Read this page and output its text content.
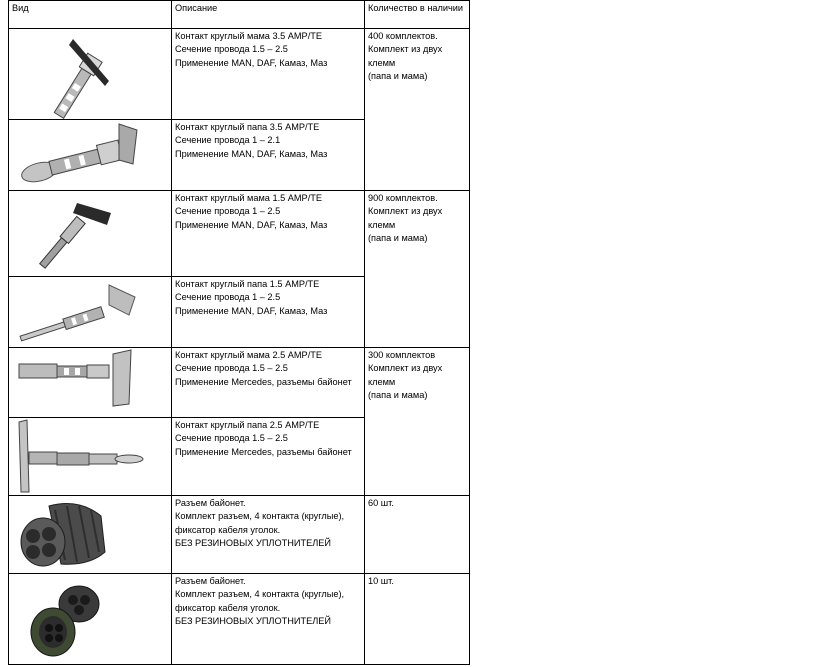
Вид	Описание	Количество в наличии

Контакт круглый мама 3.5 AMP/TE
Сечение провода 1.5 – 2.5
Применение MAN, DAF, Камаз, Маз	400 комплектов.
Комплект из двух клемм
(папа и мама)

Контакт круглый папа 3.5 AMP/TE
Сечение провода 1 – 2.1
Применение MAN, DAF, Камаз, Маз	

Контакт круглый мама 1.5 AMP/TE
Сечение провода 1 – 2.5
Применение MAN, DAF, Камаз, Маз	900 комплектов.
Комплект из двух клемм
(папа и мама)

Контакт круглый папа 1.5 AMP/TE
Сечение провода 1 – 2.5
Применение MAN, DAF, Камаз, Маз	

Контакт круглый мама 2.5 AMP/TE
Сечение провода 1.5 – 2.5
Применение Mercedes, разъемы байонет	300 комплектов
Комплект из двух клемм
(папа и мама)

Контакт круглый папа 2.5 AMP/TE
Сечение провода 1.5 – 2.5
Применение Mercedes, разъемы байонет	

Разъем байонет.
Комплект разъем, 4 контакта (круглые), фиксатор кабеля уголок.
БЕЗ РЕЗИНОВЫХ УПЛОТНИТЕЛЕЙ	60 шт.

Разъем байонет.
Комплект разъем, 4 контакта (круглые), фиксатор кабеля уголок.
БЕЗ РЕЗИНОВЫХ УПЛОТНИТЕЛЕЙ	10 шт.
